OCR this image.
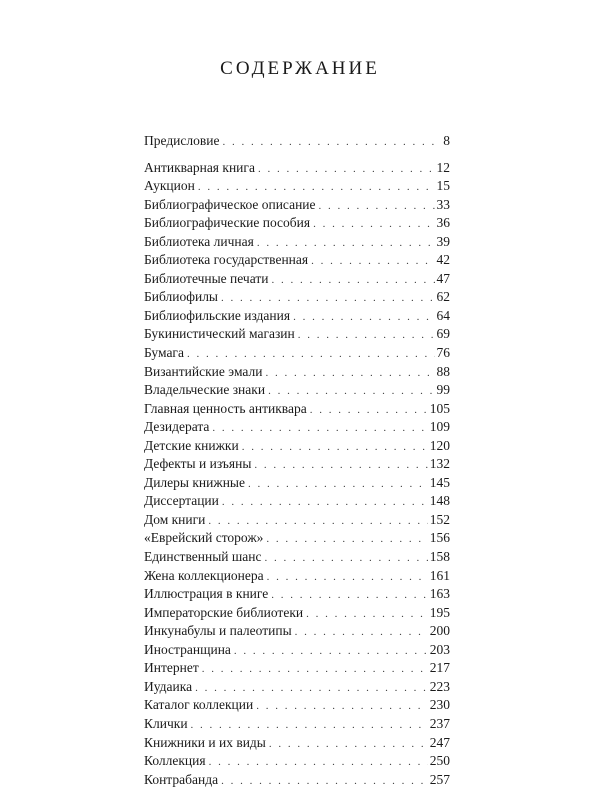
СОДЕРЖАНИЕ
Предисловие . . .	8
Антикварная книга . . .	12
Аукцион . . .	15
Библиографическое описание . . .	33
Библиографические пособия . . .	36
Библиотека личная . . .	39
Библиотека государственная . . .	42
Библиотечные печати . . .	47
Библиофилы . . .	62
Библиофильские издания . . .	64
Букинистический магазин . . .	69
Бумага . . .	76
Византийские эмали . . .	88
Владельческие знаки . . .	99
Главная ценность антиквара . . .	105
Дезидерата . . .	109
Детские книжки . . .	120
Дефекты и изъяны . . .	132
Дилеры книжные . . .	145
Диссертации . . .	148
Дом книги . . .	152
«Еврейский сторож» . . .	156
Единственный шанс . . .	158
Жена коллекционера . . .	161
Иллюстрация в книге . . .	163
Императорские библиотеки . . .	195
Инкунабулы и палеотипы . . .	200
Иностранщина . . .	203
Интернет . . .	217
Иудаика . . .	223
Каталог коллекции . . .	230
Клички . . .	237
Книжники и их виды . . .	247
Коллекция . . .	250
Контрабанда . . .	257
